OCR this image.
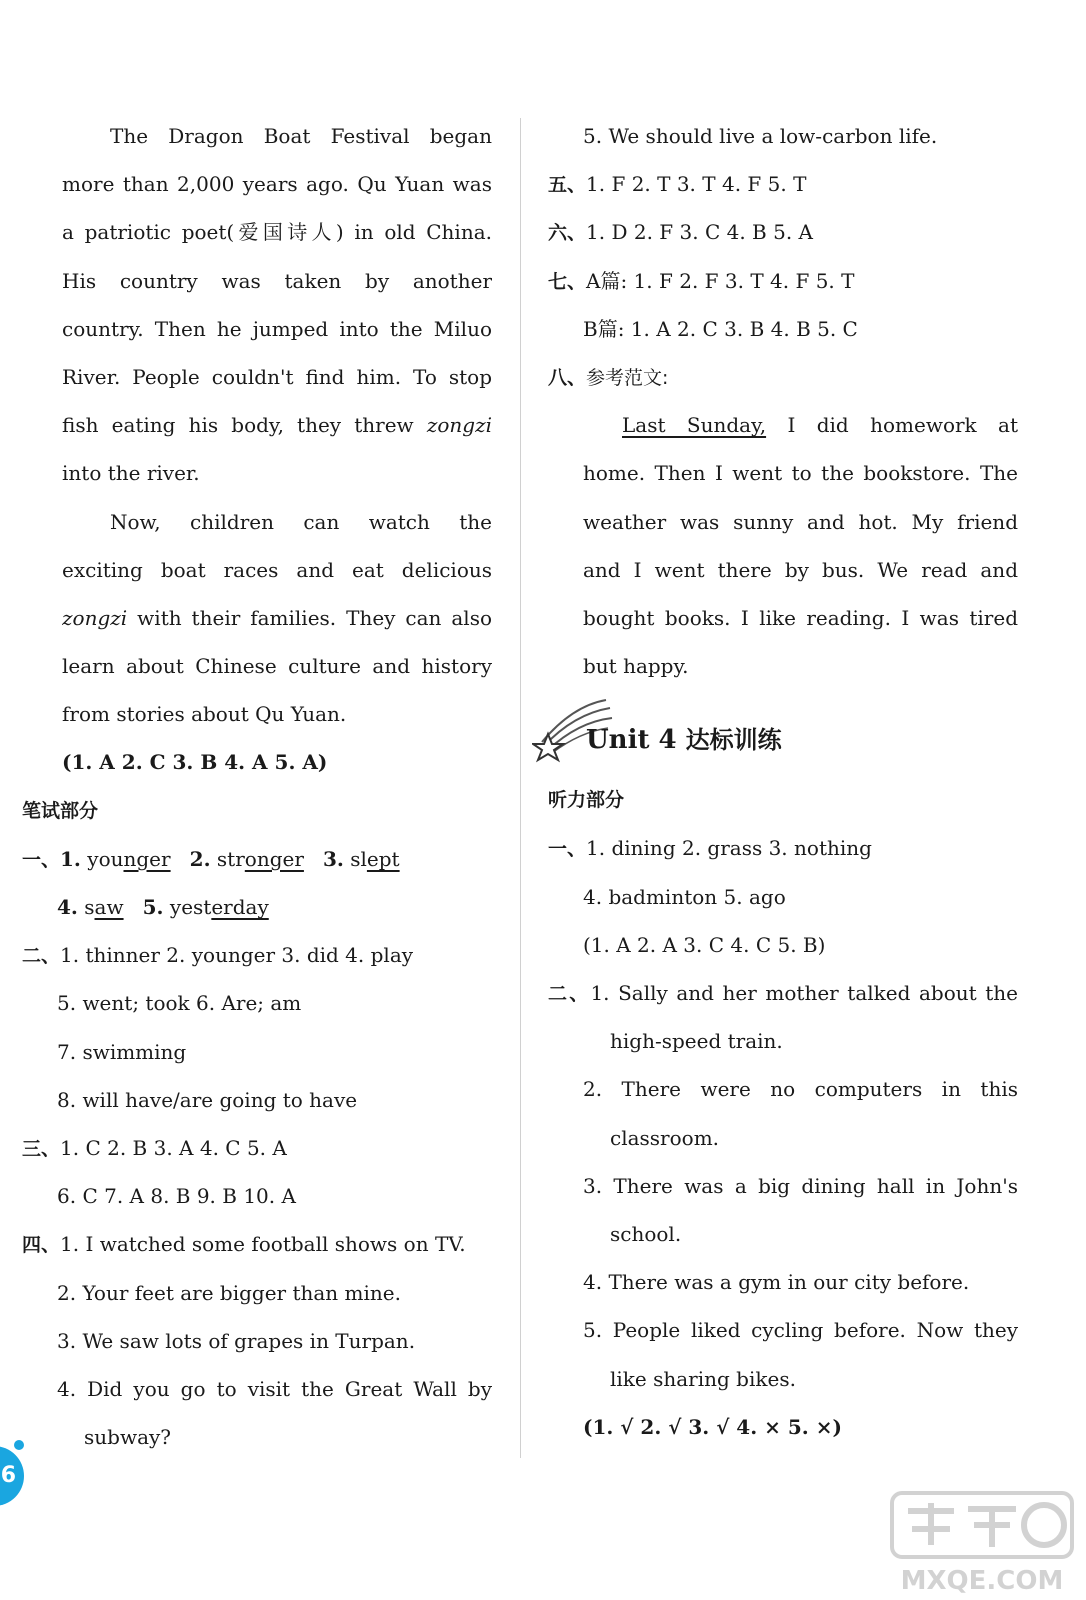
The Dragon Boat Festival began
more than 2,000 years ago. Qu Yuan was
a patriotic poet(爱国诗人) in old China.
His country was taken by another
country. Then he jumped into the Miluo
River. People couldn't find him. To stop
fish eating his body, they threw zongzi
into the river.
Now, children can watch the
exciting boat races and eat delicious
zongzi with their families. They can also
learn about Chinese culture and history
from stories about Qu Yuan.
(1. A 2. C 3. B 4. A 5. A)
笔试部分
一、1. younger 2. stronger 3. slept
4. saw 5. yesterday
二、1. thinner 2. younger 3. did 4. play
5. went; took 6. Are; am
7. swimming
8. will have/are going to have
三、1. C 2. B 3. A 4. C 5. A
6. C 7. A 8. B 9. B 10. A
四、1. I watched some football shows on TV.
2. Your feet are bigger than mine.
3. We saw lots of grapes in Turpan.
4. Did you go to visit the Great Wall by
subway?
5. We should live a low-carbon life.
五、1. F 2. T 3. T 4. F 5. T
六、1. D 2. F 3. C 4. B 5. A
七、A篇: 1. F 2. F 3. T 4. F 5. T
B篇: 1. A 2. C 3. B 4. B 5. C
八、参考范文:
Last Sunday, I did homework at
home. Then I went to the bookstore. The
weather was sunny and hot. My friend
and I went there by bus. We read and
bought books. I like reading. I was tired
but happy.
Unit 4 达标训练
听力部分
一、1. dining 2. grass 3. nothing
4. badminton 5. ago
(1. A 2. A 3. C 4. C 5. B)
二、1. Sally and her mother talked about the
high-speed train.
2. There were no computers in this
classroom.
3. There was a big dining hall in John's
school.
4. There was a gym in our city before.
5. People liked cycling before. Now they
like sharing bikes.
(1. √ 2. √ 3. √ 4. × 5. ×)
6
MXQE.COM
